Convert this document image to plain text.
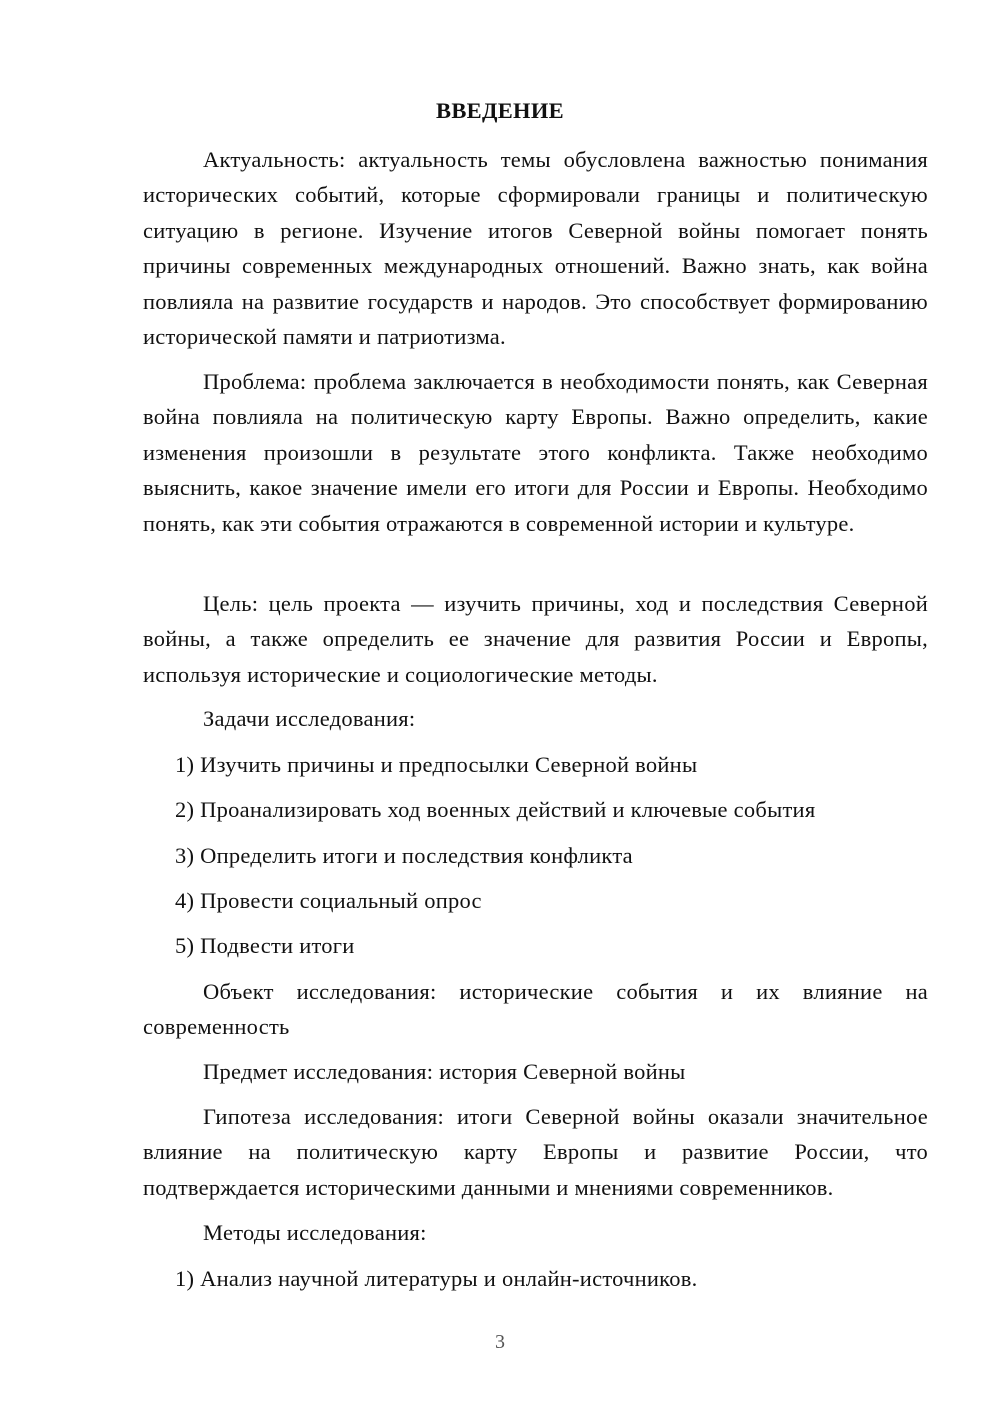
ВВЕДЕНИЕ

Актуальность: актуальность темы обусловлена важностью понимания исторических событий, которые сформировали границы и политическую ситуацию в регионе. Изучение итогов Северной войны помогает понять причины современных международных отношений. Важно знать, как война повлияла на развитие государств и народов. Это способствует формированию исторической памяти и патриотизма.

Проблема: проблема заключается в необходимости понять, как Северная война повлияла на политическую карту Европы. Важно определить, какие изменения произошли в результате этого конфликта. Также необходимо выяснить, какое значение имели его итоги для России и Европы. Необходимо понять, как эти события отражаются в современной истории и культуре.

Цель: цель проекта — изучить причины, ход и последствия Северной войны, а также определить ее значение для развития России и Европы, используя исторические и социологические методы.

Задачи исследования:

1) Изучить причины и предпосылки Северной войны

2) Проанализировать ход военных действий и ключевые события

3) Определить итоги и последствия конфликта

4) Провести социальный опрос

5) Подвести итоги

Объект исследования: исторические события и их влияние на современность

Предмет исследования: история Северной войны

Гипотеза исследования: итоги Северной войны оказали значительное влияние на политическую карту Европы и развитие России, что подтверждается историческими данными и мнениями современников.

Методы исследования:

1) Анализ научной литературы и онлайн-источников.

3
